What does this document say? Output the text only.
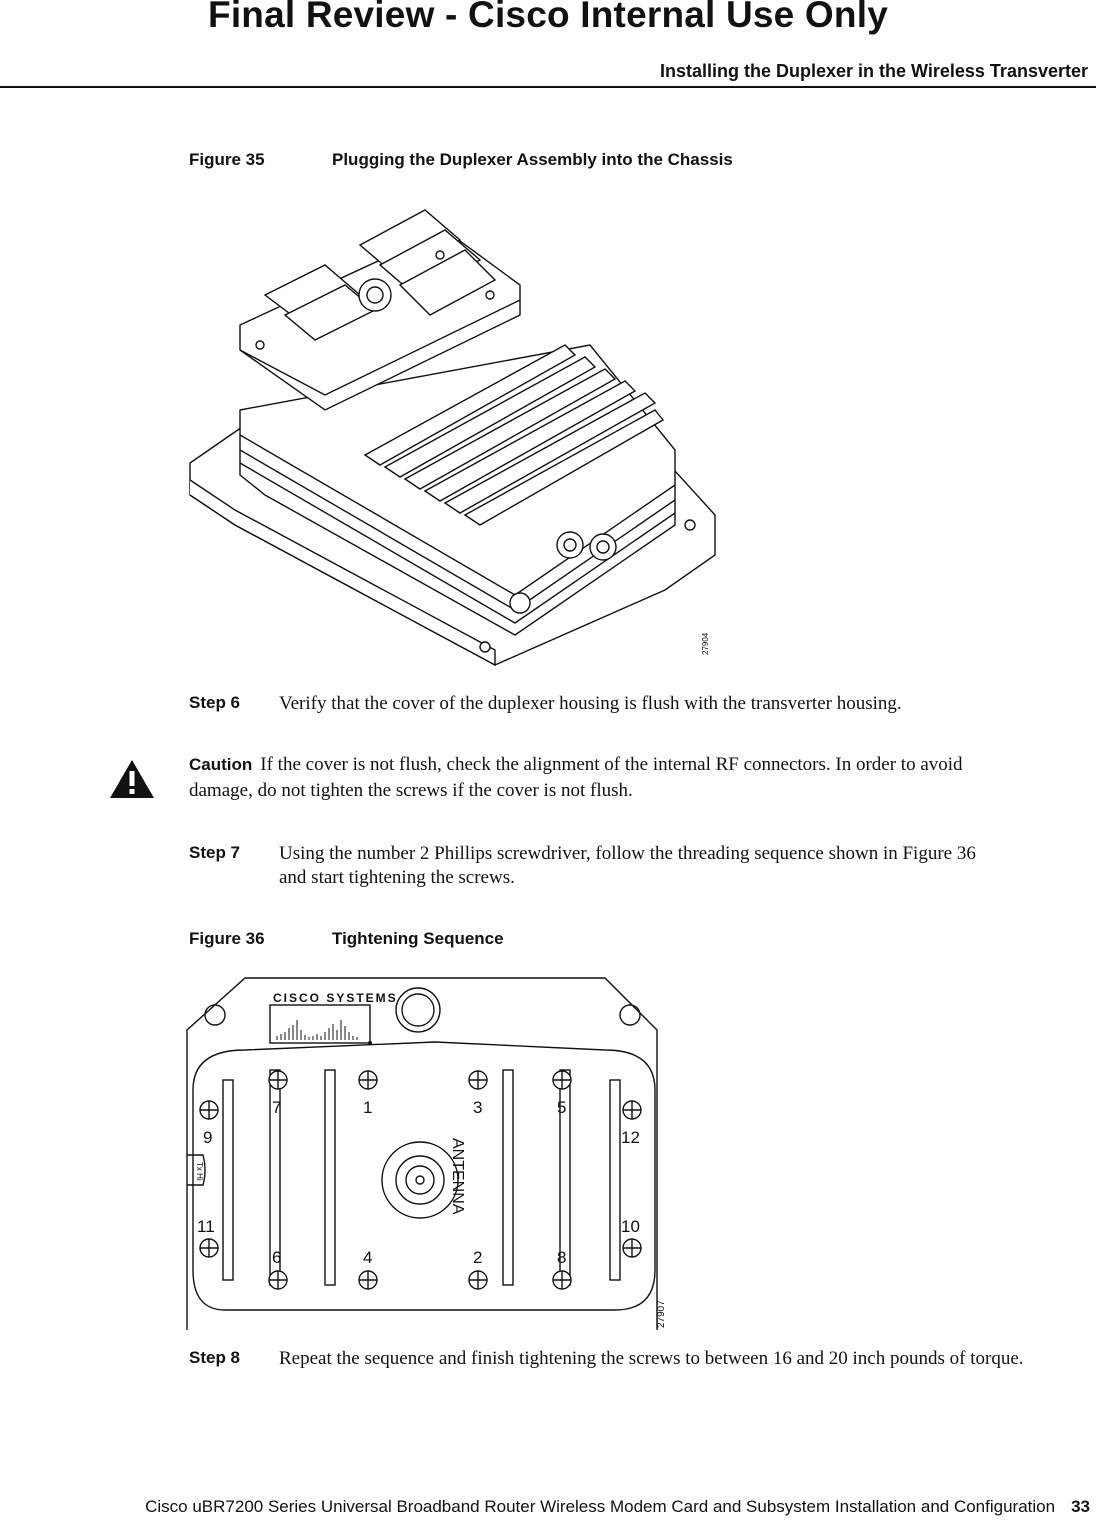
Final Review - Cisco Internal Use Only
Installing the Duplexer in the Wireless Transverter
Figure 35	Plugging the Duplexer Assembly into the Chassis
27904
Step 6 Verify that the cover of the duplexer housing is flush with the transverter housing.
Caution If the cover is not flush, check the alignment of the internal RF connectors. In order to avoid damage, do not tighten the screws if the cover is not flush.
Step 7 Using the number 2 Phillips screwdriver, follow the threading sequence shown in Figure 36 and start tightening the screws.
Figure 36	Tightening Sequence
CISCO SYSTEMS
7	1	3	5
9	12
11	10
6	4	2	8
ANTENNA
Tx Hi
27907
Step 8 Repeat the sequence and finish tightening the screws to between 16 and 20 inch pounds of torque.
Cisco uBR7200 Series Universal Broadband Router Wireless Modem Card and Subsystem Installation and Configuration 33
